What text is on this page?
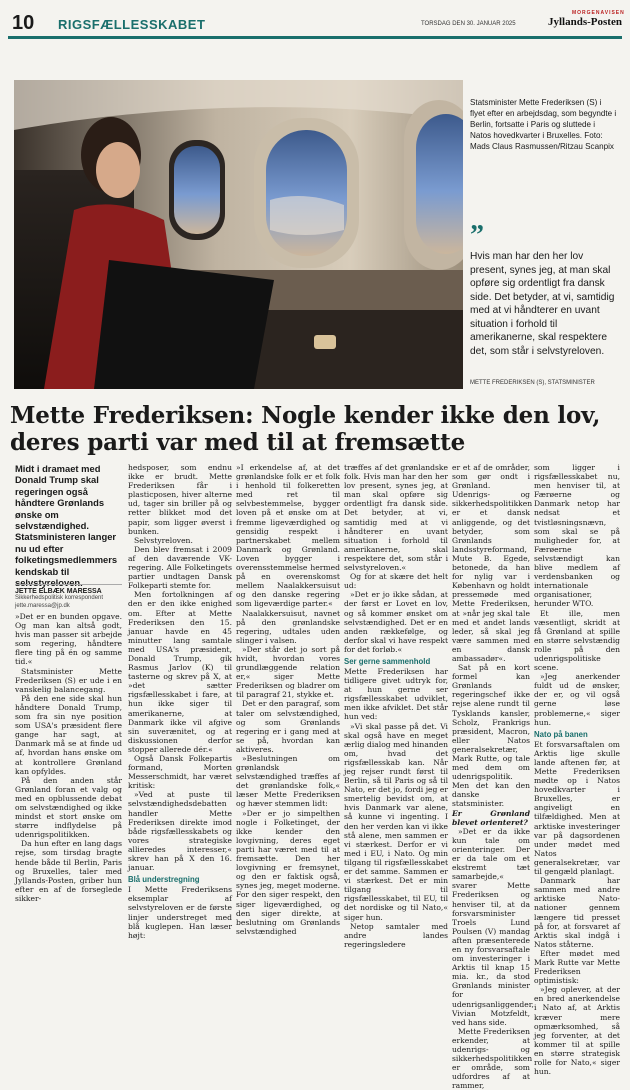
10 RIGSFÆLLESSKABET	TORSDAG DEN 30. JANUAR 2025
MORGENAVISEN
Jyllands-Posten
Statsminister Mette Frederiksen (S) i flyet efter en arbejdsdag, som begyndte i Berlin, fortsatte i Paris og sluttede i Natos hovedkvarter i Bruxelles. Foto: Mads Claus Rasmussen/Ritzau Scanpix
”
Hvis man har den her lov present, synes jeg, at man skal opføre sig ordentligt fra dansk side. Det betyder, at vi, samtidig med at vi håndterer en uvant situation i forhold til amerikanerne, skal respektere det, som står i selvstyreloven.
METTE FREDERIKSEN (S), STATSMINISTER
Mette Frederiksen: Nogle kender ikke den lov, deres parti var med til at fremsætte
Midt i dramaet med Donald Trump skal regeringen også håndtere Grønlands ønske om selvstændighed. Statsministeren langer nu ud efter folketingsmedlemmers kendskab til selvstyreloven.
JETTE ELBÆK MARESSA
Sikkerhedspolitisk korrespondent jette.maressa@jp.dk

»Det er en bunden opgave. Og man kan altså godt, hvis man passer sit arbejde som regering, håndtere flere ting på én og samme tid.«

Statsminister Mette Frederiksen (S) er ude i en vanskelig balancegang.

På den ene side skal hun håndtere Donald Trump, som fra sin nye position som USA's præsident flere gange har sagt, at Danmark må se at finde ud af, hvordan hans ønske om at kontrollere Grønland kan opfyldes.

På den anden står Grønland foran et valg og med en opblussende debat om selvstændighed og ikke mindst et stort ønske om større indflydelse på udenrigspolitikken.

Da hun efter en lang dags rejse, som tirsdag bragte hende både til Berlin, Paris og Bruxelles, taler med Jyllands-Posten, griber hun efter en af de forseglede sikker-

hedsposer, som endnu ikke er brudt. Mette Frederiksen får i plasticposen, hiver alterne ud, tager sin briller på og retter blikket mod det papir, som ligger øverst i bunken.

Selvstyreloven.

Den blev fremsat i 2009 af den daværende VK-regering. Alle Folketingets partier undtagen Dansk Folkeparti stemte for.

Men fortolkningen af den er den ikke enighed om. Efter at Mette Frederiksen den 15. januar havde en 45 minutter lang samtale med USA's præsident, Donald Trump, gik Rasmus Jarlov (K) til tasterne og skrev på X, at »det sætter rigsfællesskabet i fare, at hun ikke siger til amerikanerne, at Danmark ikke vil afgive sin suverænitet, og at diskussionen derfor stopper allerede dér.«

Også Dansk Folkepartis formand, Morten Messerschmidt, har været kritisk:

»Ved at puste til selvstændighedsdebatten handler Mette Frederiksen direkte imod både rigsfællesskabets og vores strategiske allieredes interesser,« skrev han på X den 16. januar.

Blå understregning

I Mette Frederiksens eksemplar af selvstyreloven er de første linjer understreget med blå kuglepen. Han læser højt:

»I erkendelse af, at det grønlandske folk er et folk i henhold til folkeretten med ret til selvbestemmelse, bygger loven på et ønske om at fremme ligeværdighed og gensidig respekt i partnerskabet mellem Danmark og Grønland. Loven bygger i overensstemmelse hermed på en overenskomst mellem Naalakkersuisut og den danske regering som ligeværdige parter.«

Naalakkersuisut, navnet på den grønlandske regering, udtales uden slinger i valsen.

»Der står det jo sort på hvidt, hvordan vores grundlæggende relation er,« siger Mette Frederiksen og bladrer om til paragraf 21, stykke et.

Det er den paragraf, som taler om selvstændighed, og som Grønlands regering er i gang med at se på, hvordan kan aktiveres.

»Beslutningen om grønlandsk selvstændighed træffes af det grønlandske folk,« læser Mette Frederiksen og hæver stemmen lidt:

»Der er jo simpelthen nogle i Folketinget, der ikke kender den lovgivning, deres eget parti har været med til at fremsætte. Den her lovgivning er fremsynet, og den er faktisk også, synes jeg, meget moderne. For den siger respekt, den siger ligeværdighed, og den siger direkte, at beslutning om Grønlands selvstændighed

træffes af det grønlandske folk. Hvis man har den her lov present, synes jeg, at man skal opføre sig ordentligt fra dansk side. Det betyder, at vi, samtidig med at vi håndterer en uvant situation i forhold til amerikanerne, skal respektere det, som står i selvstyreloven.«

Og for at skære det helt ud:

»Det er jo ikke sådan, at der først er Lovet en lov, og så kommer ønsket om selvstændighed. Det er en anden rækkefølge, og derfor skal vi have respekt for det forløb.«

Ser gerne sammenhold

Mette Frederiksen har tidligere givet udtryk for, at hun gerne ser rigsfællesskabet udviklet, men ikke afviklet. Det står hun ved:

»Vi skal passe på det. Vi skal også have en meget ærlig dialog med hinanden om, hvad det rigsfællesskab kan. Når jeg rejser rundt først til Berlin, så til Paris og så til Nato, er det jo, fordi jeg er smertelig bevidst om, at hvis Danmark var alene, så kunne vi ingenting. I den her verden kan vi ikke stå alene, men sammen er vi stærkest. Derfor er vi med i EU, i Nato. Og min tilgang til rigsfællesskabet er det samme. Sammen er vi stærkest. Det er min tilgang til rigsfællesskabet, til EU, til det nordiske og til Nato,« siger hun.

Netop samtaler med andre landes regeringsledere

er et af de områder, som gør ondt i Grønland. Udenrigs- og sikkerhedspolitikken er et dansk anliggende, og det betyder, som Grønlands landsstyreformand, Mute B. Egede, betonede, da han for nylig var i København og holdt pressemøde med Mette Frederiksen, at »når jeg skal tale med et andet lands leder, så skal jeg være sammen med en dansk ambassadør«.

Sat på en kort formel kan Grønlands regeringschef ikke rejse alene rundt til Tysklands kansler, Scholz, Frankrigs præsident, Macron, eller Natos generalsekretær, Mark Rutte, og tale med dem om udenrigspolitik. Men det kan den danske statsminister.

Er Grønland blevet orienteret?

»Det er da ikke kun tale om orienteringer. Der er da tale om et ekstremt tæt samarbejde,« svarer Mette Frederiksen og henviser til, at da forsvarsminister Troels Lund Poulsen (V) mandag aften præsenterede en ny forsvarsaftale om investeringer i Arktis til knap 15 mia. kr., da stod Grønlands minister for udenrigsanliggender, Vivian Motzfeldt, ved hans side.

Mette Frederiksen erkender, at udenrigs- og sikkerhedspolitikken er område, som udfordres af at rammer,

som ligger i rigsfællesskabet nu, men henviser til, at Færøerne og Danmark netop har nedsat et tvistløsningsnævn, som skal se på muligheder for, at Færøerne selvstændigt kan blive medlem af verdensbanken og internationale organisationer, herunder WTO.

Et ille, men væsentligt, skridt at få Grønland at spille en større selvstændig rolle på den udenrigspolitiske scene.

»Jeg anerkender fuldt ud de ønsker, der er, og vil også gerne løse problemerne,« siger hun.

Nato på banen

Et forsvarsaftalen om Arktis lige skulle lande aftenen før, at Mette Frederiksen mødte op i Natos hovedkvarter i Bruxelles, er angiveligt en tilfældighed. Men at arktiske investeringer var på dagsordenen under mødet med Natos generalsekretær, var til gengæld planlagt.

Danmark har sammen med andre arktiske Nato-nationer gennem længere tid presset på for, at forsvaret af Arktis skal indgå i Natos ståterne.

Efter mødet med Mark Rutte var Mette Frederiksen optimistisk:

»Jeg oplever, at der en bred anerkendelse i Nato af, at Arktis kræver mere opmærksomhed, så jeg forventer, at det kommer til at spille en større strategisk rolle for Nato,« siger hun.
